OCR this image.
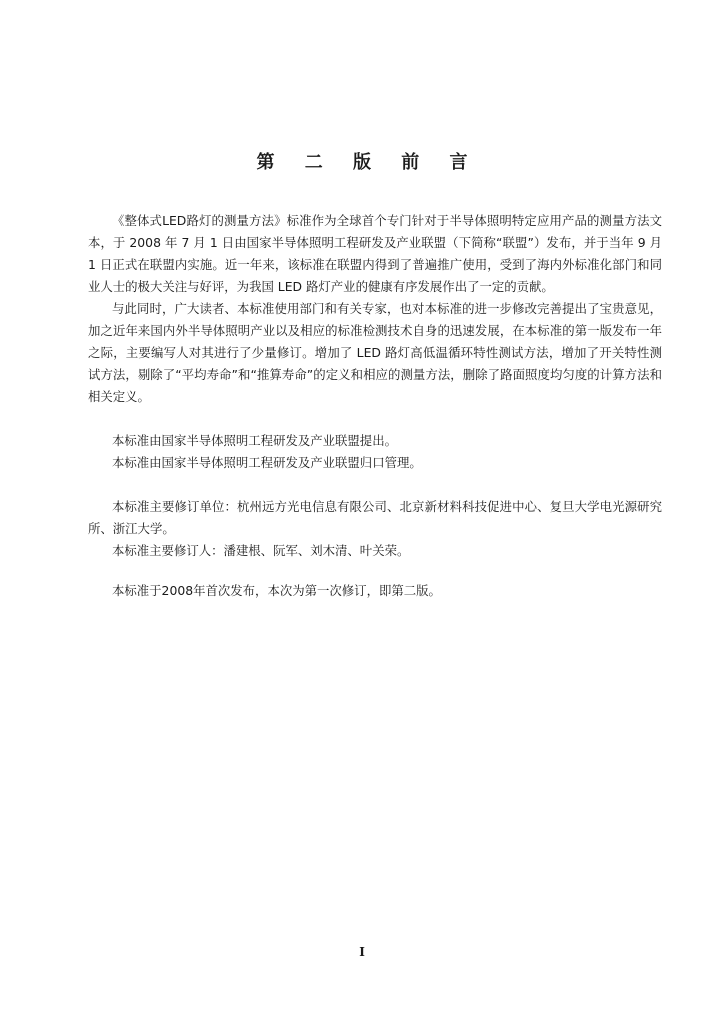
第 二 版 前 言

《整体式LED路灯的测量方法》标准作为全球首个专门针对于半导体照明特定应用产品的测量方法文本，于 2008 年 7 月 1 日由国家半导体照明工程研发及产业联盟（下简称“联盟”）发布，并于当年 9 月 1 日正式在联盟内实施。近一年来，该标准在联盟内得到了普遍推广使用，受到了海内外标准化部门和同业人士的极大关注与好评，为我国 LED 路灯产业的健康有序发展作出了一定的贡献。

与此同时，广大读者、本标准使用部门和有关专家，也对本标准的进一步修改完善提出了宝贵意见，加之近年来国内外半导体照明产业以及相应的标准检测技术自身的迅速发展，在本标准的第一版发布一年之际，主要编写人对其进行了少量修订。增加了 LED 路灯高低温循环特性测试方法，增加了开关特性测试方法，剔除了“平均寿命”和“推算寿命”的定义和相应的测量方法，删除了路面照度均匀度的计算方法和相关定义。

本标准由国家半导体照明工程研发及产业联盟提出。

本标准由国家半导体照明工程研发及产业联盟归口管理。

本标准主要修订单位：杭州远方光电信息有限公司、北京新材料科技促进中心、复旦大学电光源研究所、浙江大学。

本标准主要修订人：潘建根、阮军、刘木清、叶关荣。

本标准于2008年首次发布，本次为第一次修订，即第二版。

I
